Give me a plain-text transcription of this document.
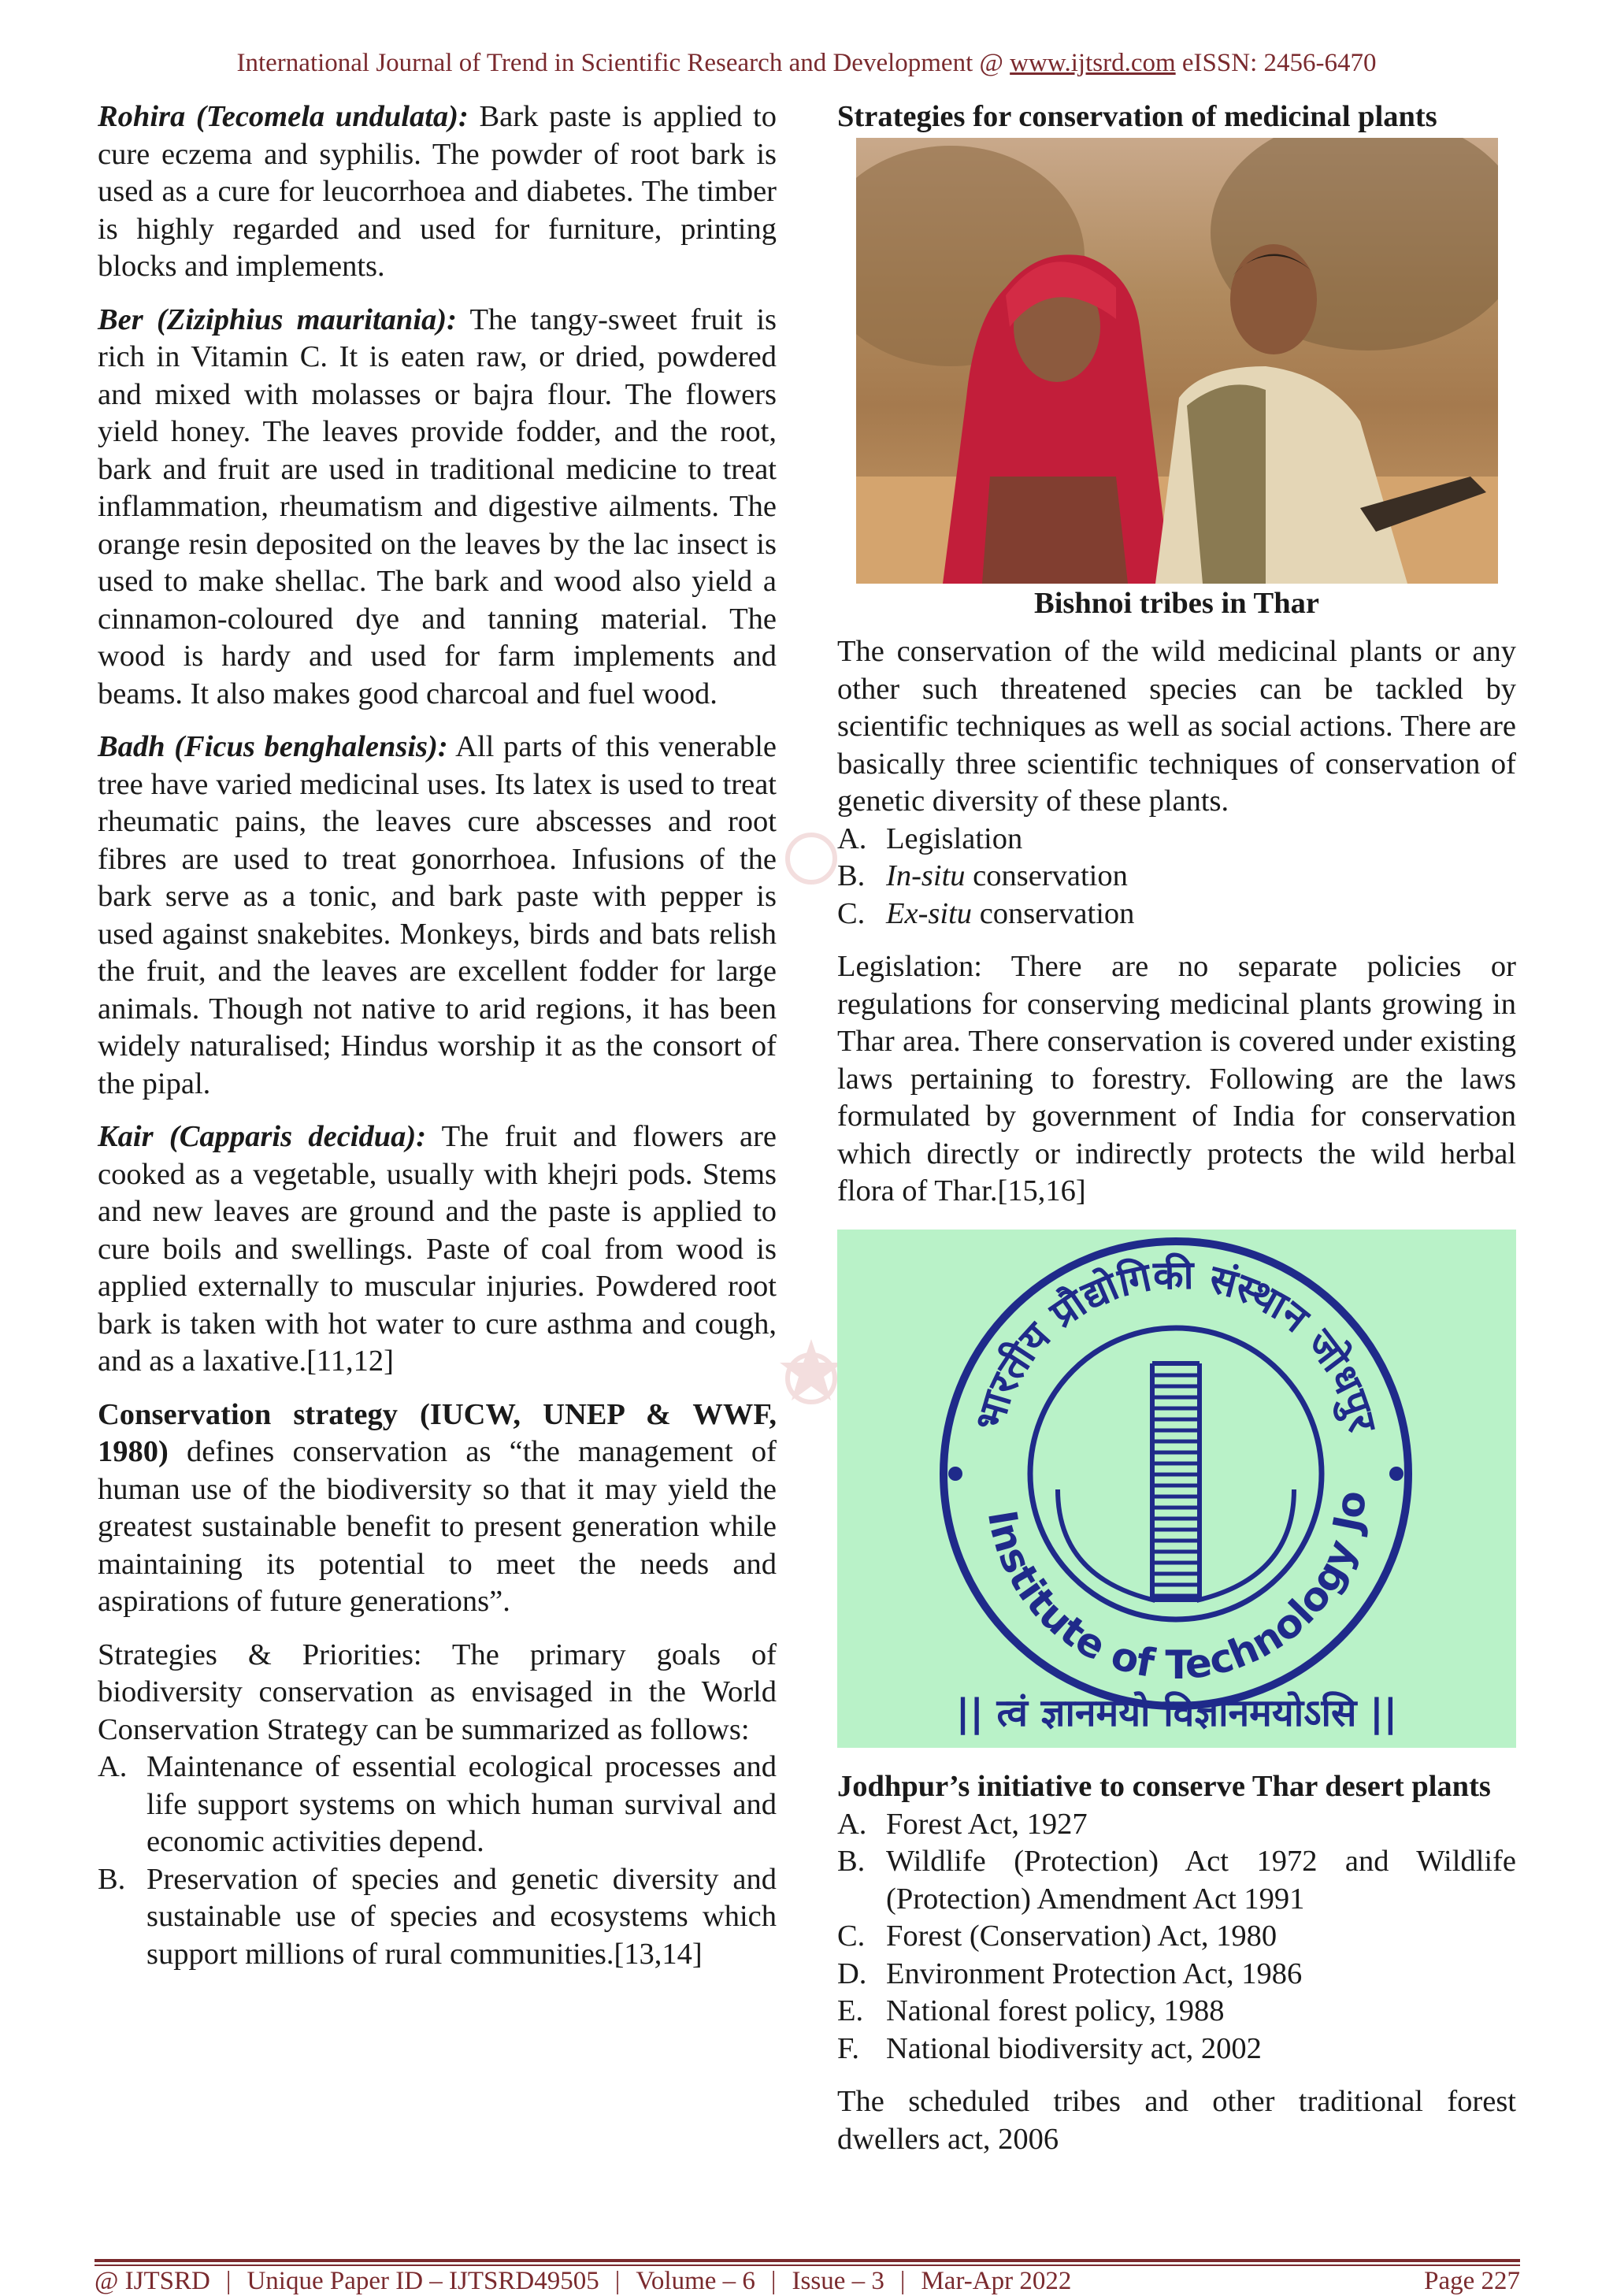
International Journal of Trend in Scientific Research and Development @ www.ijtsrd.com eISSN: 2456-6470

Rohira (Tecomela undulata): Bark paste is applied to cure eczema and syphilis. The powder of root bark is used as a cure for leucorrhoea and diabetes. The timber is highly regarded and used for furniture, printing blocks and implements.

Ber (Ziziphius mauritania): The tangy-sweet fruit is rich in Vitamin C. It is eaten raw, or dried, powdered and mixed with molasses or bajra flour. The flowers yield honey. The leaves provide fodder, and the root, bark and fruit are used in traditional medicine to treat inflammation, rheumatism and digestive ailments. The orange resin deposited on the leaves by the lac insect is used to make shellac. The bark and wood also yield a cinnamon-coloured dye and tanning material. The wood is hardy and used for farm implements and beams. It also makes good charcoal and fuel wood.

Badh (Ficus benghalensis): All parts of this venerable tree have varied medicinal uses. Its latex is used to treat rheumatic pains, the leaves cure abscesses and root fibres are used to treat gonorrhoea. Infusions of the bark serve as a tonic, and bark paste with pepper is used against snakebites. Monkeys, birds and bats relish the fruit, and the leaves are excellent fodder for large animals. Though not native to arid regions, it has been widely naturalised; Hindus worship it as the consort of the pipal.

Kair (Capparis decidua): The fruit and flowers are cooked as a vegetable, usually with khejri pods. Stems and new leaves are ground and the paste is applied to cure boils and swellings. Paste of coal from wood is applied externally to muscular injuries. Powdered root bark is taken with hot water to cure asthma and cough, and as a laxative.[11,12]

Conservation strategy (IUCW, UNEP & WWF, 1980) defines conservation as “the management of human use of the biodiversity so that it may yield the greatest sustainable benefit to present generation while maintaining its potential to meet the needs and aspirations of future generations”.

Strategies & Priorities: The primary goals of biodiversity conservation as envisaged in the World Conservation Strategy can be summarized as follows:

A. Maintenance of essential ecological processes and life support systems on which human survival and economic activities depend.
B. Preservation of species and genetic diversity and sustainable use of species and ecosystems which support millions of rural communities.[13,14]
Strategies for conservation of medicinal plants
Bishnoi tribes in Thar

The conservation of the wild medicinal plants or any other such threatened species can be tackled by scientific techniques as well as social actions. There are basically three scientific techniques of conservation of genetic diversity of these plants.

A. Legislation
B. In-situ conservation
C. Ex-situ conservation

Legislation: There are no separate policies or regulations for conserving medicinal plants growing in Thar area. There conservation is covered under existing laws pertaining to forestry. Following are the laws formulated by government of India for conservation which directly or indirectly protects the wild herbal flora of Thar.[15,16]

भारतीय प्रौद्योगिकी संस्थान जोधपुर
Institute of Technology Jo
|| त्वं ज्ञानमयो विज्ञानमयोऽसि ||
Jodhpur’s initiative to conserve Thar desert plants
A. Forest Act, 1927
B. Wildlife (Protection) Act 1972 and Wildlife (Protection) Amendment Act 1991
C. Forest (Conservation) Act, 1980
D. Environment Protection Act, 1986
E. National forest policy, 1988
F. National biodiversity act, 2002

The scheduled tribes and other traditional forest dwellers act, 2006

@ IJTSRD | Unique Paper ID – IJTSRD49505 | Volume – 6 | Issue – 3 | Mar-Apr 2022	Page 227
